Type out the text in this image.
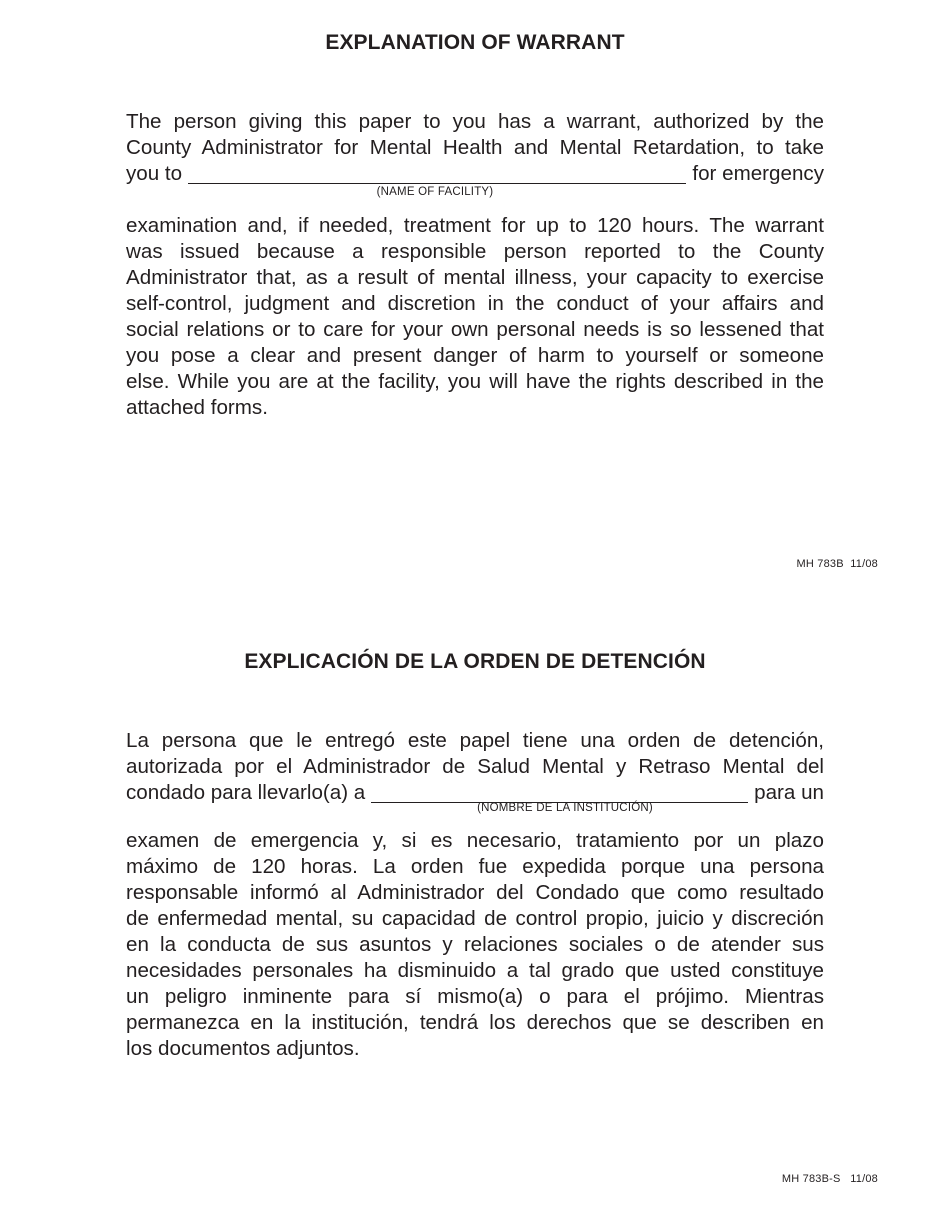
EXPLANATION OF WARRANT
The person giving this paper to you has a warrant, authorized by the
County Administrator for Mental Health and Mental Retardation, to take
you to	for emergency
(NAME OF FACILITY)
examination and, if needed, treatment for up to 120 hours. The warrant
was issued because a responsible person reported to the County
Administrator that, as a result of mental illness, your capacity to exercise
self-control, judgment and discretion in the conduct of your affairs and
social relations or to care for your own personal needs is so lessened that
you pose a clear and present danger of harm to yourself or someone
else. While you are at the facility, you will have the rights described in the
attached forms.
MH 783B  11/08
EXPLICACIÓN DE LA ORDEN DE DETENCIÓN
La persona que le entregó este papel tiene una orden de detención,
autorizada por el Administrador de Salud Mental y Retraso Mental del
condado para llevarlo(a) a	para un
(NOMBRE DE LA INSTITUCIÓN)
examen de emergencia y, si es necesario, tratamiento por un plazo
máximo de 120 horas. La orden fue expedida porque una persona
responsable informó al Administrador del Condado que como resultado
de enfermedad mental, su capacidad de control propio, juicio y discreción
en la conducta de sus asuntos y relaciones sociales o de atender sus
necesidades personales ha disminuido a tal grado que usted constituye
un peligro inminente para sí mismo(a) o para el prójimo. Mientras
permanezca en la institución, tendrá los derechos que se describen en
los documentos adjuntos.
MH 783B-S   11/08
